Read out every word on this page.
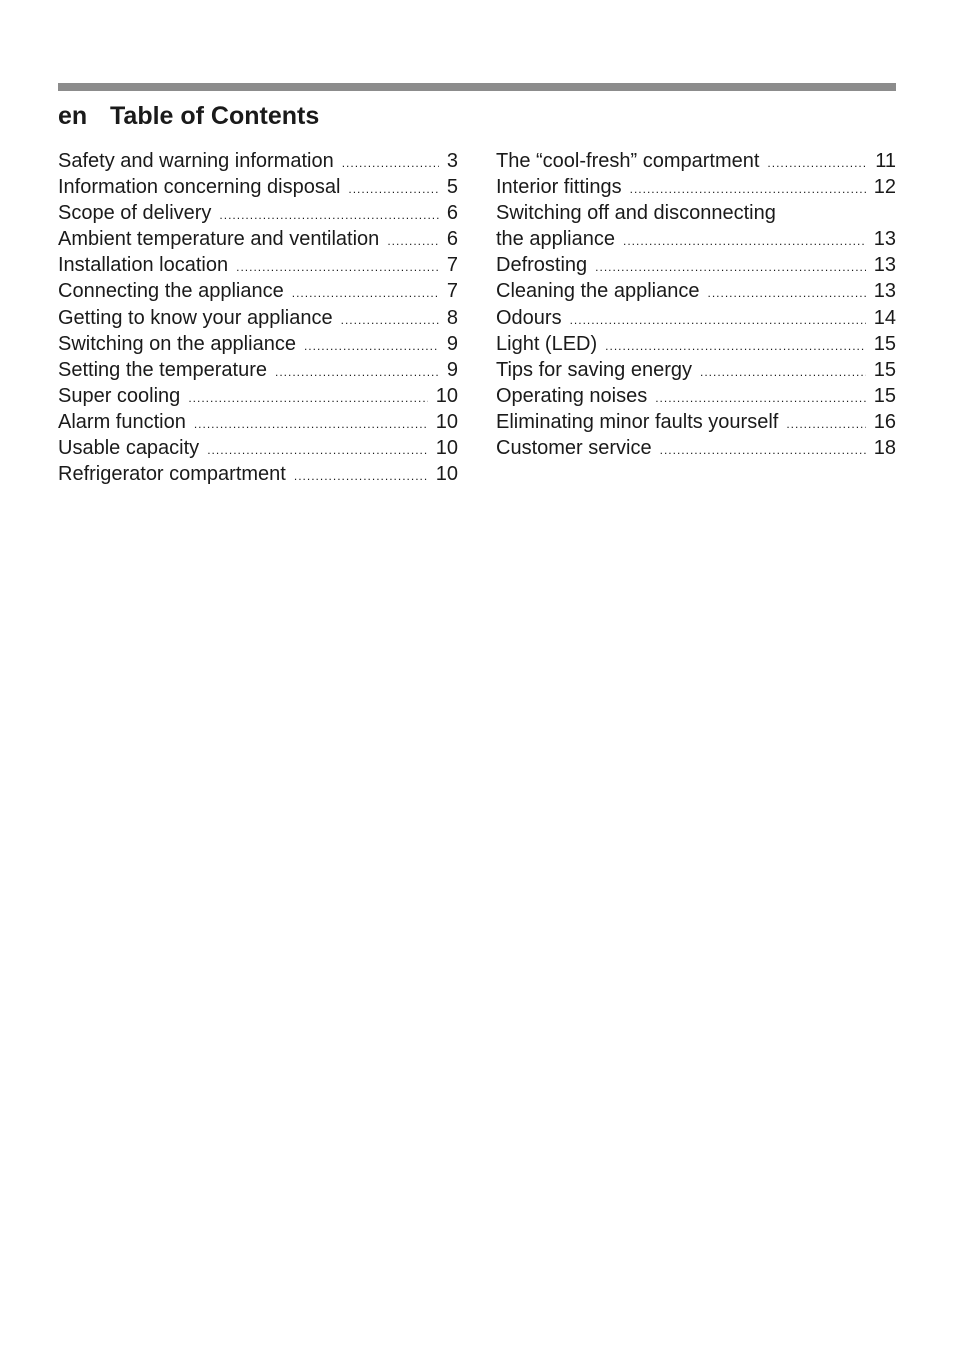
en Table of Contents
Safety and warning information .....	3
Information concerning disposal .....	5
Scope of delivery .....	6
Ambient temperature and ventilation .....	6
Installation location .....	7
Connecting the appliance .....	7
Getting to know your appliance .....	8
Switching on the appliance .....	9
Setting the temperature .....	9
Super cooling .....	10
Alarm function .....	10
Usable capacity .....	10
Refrigerator compartment .....	10
The “cool-fresh” compartment .....	11
Interior fittings .....	12
Switching off and disconnecting
the appliance .....	13
Defrosting .....	13
Cleaning the appliance .....	13
Odours .....	14
Light (LED) .....	15
Tips for saving energy .....	15
Operating noises .....	15
Eliminating minor faults yourself .....	16
Customer service .....	18
